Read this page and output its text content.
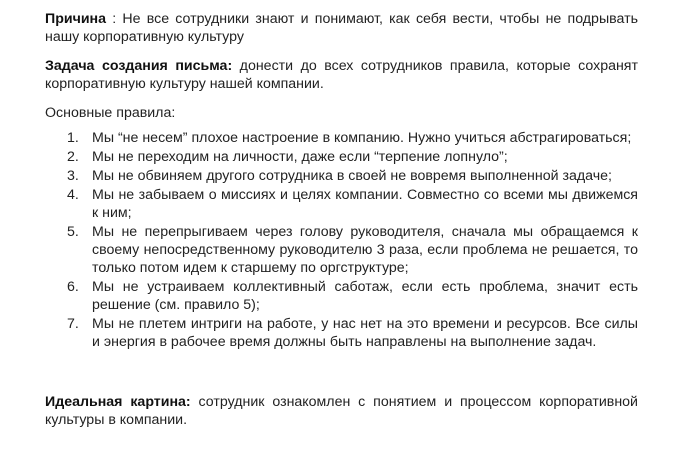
Причина : Не все сотрудники знают и понимают, как себя вести, чтобы не подрывать нашу корпоративную культуру
Задача создания письма: донести до всех сотрудников правила, которые сохранят корпоративную культуру нашей компании.
Основные правила:
1. Мы “не несем” плохое настроение в компанию. Нужно учиться абстрагироваться;
2. Мы не переходим на личности, даже если “терпение лопнуло”;
3. Мы не обвиняем другого сотрудника в своей не вовремя выполненной задаче;
4. Мы не забываем о миссиях и целях компании. Совместно со всеми мы движемся к ним;
5. Мы не перепрыгиваем через голову руководителя, сначала мы обращаемся к своему непосредственному руководителю 3 раза, если проблема не решается, то только потом идем к старшему по оргструктуре;
6. Мы не устраиваем коллективный саботаж, если есть проблема, значит есть решение (см. правило 5);
7. Мы не плетем интриги на работе, у нас нет на это времени и ресурсов. Все силы и энергия в рабочее время должны быть направлены на выполнение задач.
Идеальная картина: сотрудник ознакомлен с понятием и процессом корпоративной культуры в компании.
